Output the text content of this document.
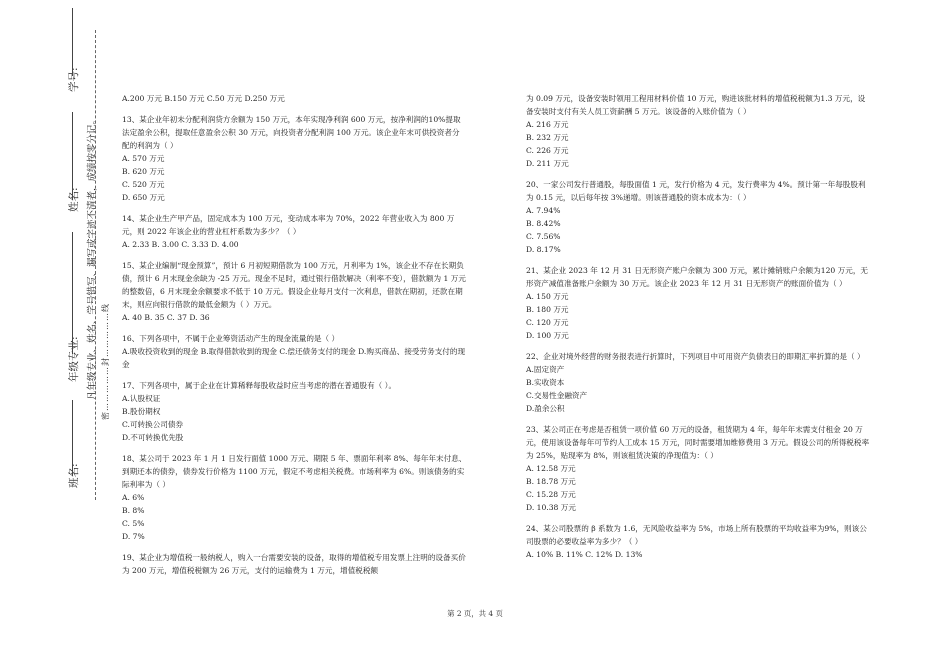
学号:
姓名:
年级专业:
班名:
凡年级专业、姓名、学号错写、漏写或字迹不清者，成绩按零分记。 密……………封……………线

A.200 万元 B.150 万元 C.50 万元 D.250 万元

13、某企业年初未分配利润贷方余额为 150 万元，本年实现净利润 600 万元，按净利润的10%提取法定盈余公积，提取任意盈余公积 30 万元，向投资者分配利润 100 万元。该企业年末可供投资者分配的利润为（ ）

A. 570 万元

B. 620 万元

C. 520 万元

D. 650 万元

14、某企业生产甲产品，固定成本为 100 万元，变动成本率为 70%，2022 年营业收入为 800 万元，则 2022 年该企业的营业杠杆系数为多少？（ ）

A. 2.33 B. 3.00 C. 3.33 D. 4.00

15、某企业编制“现金预算”，预计 6 月初短期借款为 100 万元，月利率为 1%，该企业不存在长期负债，预计 6 月末现金余缺为 -25 万元。现金不足时，通过银行借款解决（利率不变），借款额为 1 万元的整数倍，6 月末现金余额要求不低于 10 万元。假设企业每月支付一次利息，借款在期初，还款在期末，则应向银行借款的最低金额为（ ）万元。

A. 40 B. 35 C. 37 D. 36

16、下列各项中，不属于企业筹资活动产生的现金流量的是（ ）

A.吸收投资收到的现金 B.取得借款收到的现金 C.偿还债务支付的现金 D.购买商品、接受劳务支付的现金

17、下列各项中，属于企业在计算稀释每股收益时应当考虑的潜在普通股有（ ）。

A.认股权证

B.股份期权

C.可转换公司债券

D.不可转换优先股

18、某公司于 2023 年 1 月 1 日发行面值 1000 万元、期限 5 年、票面年利率 8%、每年年末付息、到期还本的债券，债券发行价格为 1100 万元，假定不考虑相关税费。市场利率为 6%。则该债务的实际利率为（ ）

A. 6%

B. 8%

C. 5%

D. 7%

19、某企业为增值税一般纳税人，购入一台需要安装的设备，取得的增值税专用发票上注明的设备买价为 200 万元，增值税税额为 26 万元，支付的运输费为 1 万元，增值税税额

为 0.09 万元，设备安装时领用工程用材料价值 10 万元，购进该批材料的增值税税额为1.3 万元，设备安装时支付有关人员工资薪酬 5 万元。该设备的入账价值为（ ）

A. 216 万元

B. 232 万元

C. 226 万元

D. 211 万元

20、一家公司发行普通股，每股面值 1 元，发行价格为 4 元，发行费率为 4%。预计第一年每股股利为 0.15 元，以后每年按 3%递增。则该普通股的资本成本为：（ ）

A. 7.94%

B. 8.42%

C. 7.56%

D. 8.17%

21、某企业 2023 年 12 月 31 日无形资产账户余额为 300 万元，累计摊销账户余额为120 万元，无形资产减值准备账户余额为 30 万元。该企业 2023 年 12 月 31 日无形资产的账面价值为（ ）

A. 150 万元

B. 180 万元

C. 120 万元

D. 100 万元

22、企业对境外经营的财务报表进行折算时，下列项目中可用资产负债表日的即期汇率折算的是（ ）

A.固定资产

B.实收资本

C.交易性金融资产

D.盈余公积

23、某公司正在考虑是否租赁一项价值 60 万元的设备，租赁期为 4 年，每年年末需支付租金 20 万元，使用该设备每年可节约人工成本 15 万元，同时需要增加维修费用 3 万元。假设公司的所得税税率为 25%，贴现率为 8%，则该租赁决策的净现值为：（ ）

A. 12.58 万元

B. 18.78 万元

C. 15.28 万元

D. 10.38 万元

24、某公司股票的 β 系数为 1.6，无风险收益率为 5%，市场上所有股票的平均收益率为9%，则该公司股票的必要收益率为多少？（ ）

A. 10% B. 11% C. 12% D. 13%

第 2 页，共 4 页
